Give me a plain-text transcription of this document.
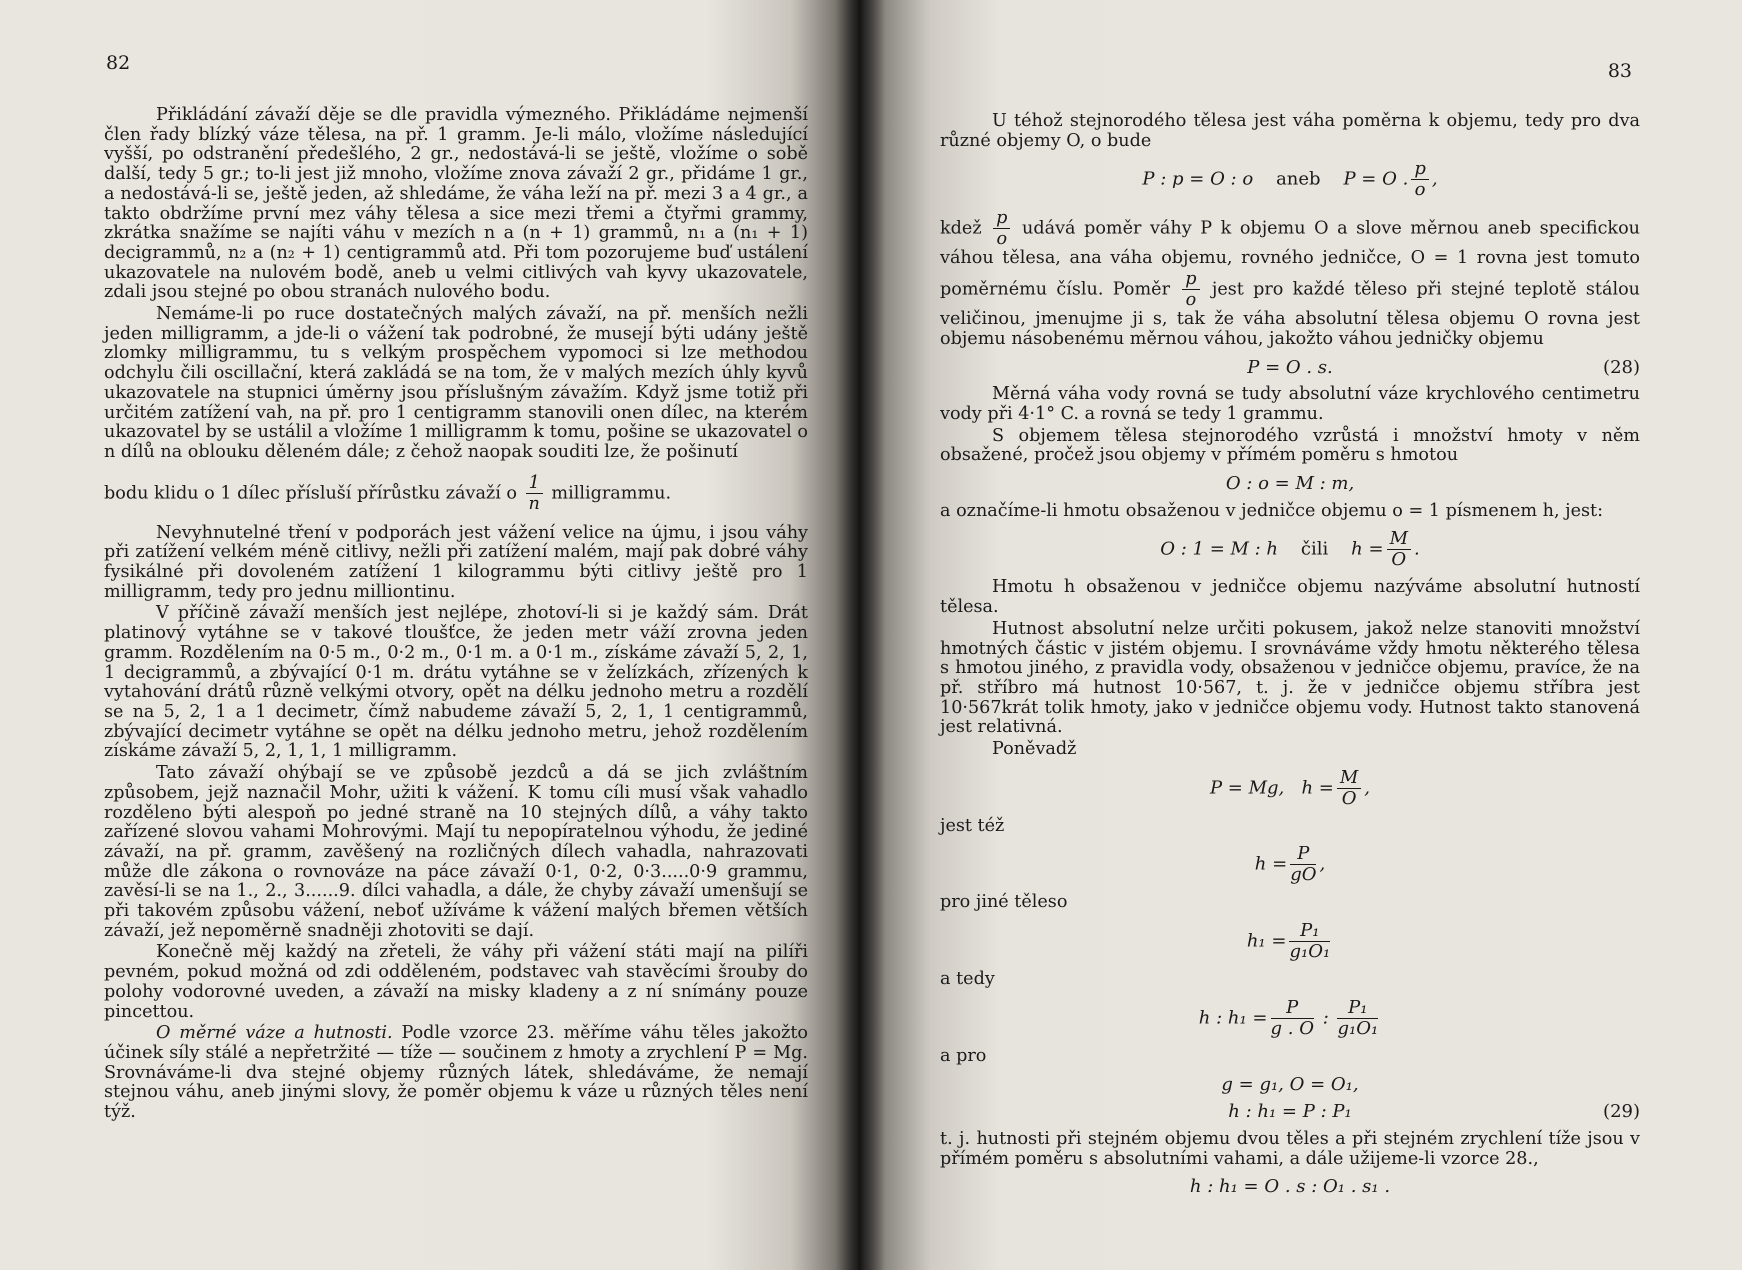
82

Přikládání závaží děje se dle pravidla výmezného. Přikládáme nejmenší člen řady blízký váze tělesa, na př. 1 gramm. Je-li málo, vložíme následující vyšší, po odstranění předešlého, 2 gr., nedostává-li se ještě, vložíme o sobě další, tedy 5 gr.; to-li jest již mnoho, vložíme znova závaží 2 gr., přidáme 1 gr., a nedostává-li se, ještě jeden, až shledáme, že váha leží na př. mezi 3 a 4 gr., a takto obdržíme první mez váhy tělesa a sice mezi třemi a čtyřmi grammy, zkrátka snažíme se najíti váhu v mezích n a (n + 1) grammů, n₁ a (n₁ + 1) decigrammů, n₂ a (n₂ + 1) centigrammů atd. Při tom pozorujeme buď ustálení ukazovatele na nulovém bodě, aneb u velmi citlivých vah kyvy ukazovatele, zdali jsou stejné po obou stranách nulového bodu.

Nemáme-li po ruce dostatečných malých závaží, na př. menších nežli jeden milligramm, a jde-li o vážení tak podrobné, že musejí býti udány ještě zlomky milligrammu, tu s velkým prospěchem vypomoci si lze methodou odchylu čili oscillační, která zakládá se na tom, že v malých mezích úhly kyvů ukazovatele na stupnici úměrny jsou příslušným závažím. Když jsme totiž při určitém zatížení vah, na př. pro 1 centigramm stanovili onen dílec, na kterém ukazovatel by se ustálil a vložíme 1 milligramm k tomu, pošine se ukazovatel o n dílů na oblouku děleném dále; z čehož naopak souditi lze, že pošinutí

bodu klidu o 1 dílec přísluší přírůstku závaží o $\frac{1}{n}$ milligrammu.

Nevyhnutelné tření v podporách jest vážení velice na újmu, i jsou váhy při zatížení velkém méně citlivy, nežli při zatížení malém, mají pak dobré váhy fysikálné při dovoleném zatížení 1 kilogrammu býti citlivy ještě pro 1 milligramm, tedy pro jednu milliontinu.

V příčině závaží menších jest nejlépe, zhotoví-li si je každý sám. Drát platinový vytáhne se v takové tloušťce, že jeden metr váží zrovna jeden gramm. Rozdělením na 0·5 m., 0·2 m., 0·1 m. a 0·1 m., získáme závaží 5, 2, 1, 1 decigrammů, a zbývající 0·1 m. drátu vytáhne se v želízkách, zřízených k vytahování drátů různě velkými otvory, opět na délku jednoho metru a rozdělí se na 5, 2, 1 a 1 decimetr, čímž nabudeme závaží 5, 2, 1, 1 centigrammů, zbývající decimetr vytáhne se opět na délku jednoho metru, jehož rozdělením získáme závaží 5, 2, 1, 1, 1 milligramm.

Tato závaží ohýbají se ve způsobě jezdců a dá se jich zvláštním způsobem, jejž naznačil Mohr, užiti k vážení. K tomu cíli musí však vahadlo rozděleno býti alespoň po jedné straně na 10 stejných dílů, a váhy takto zařízené slovou vahami Mohrovými. Mají tu nepopíratelnou výhodu, že jediné závaží, na př. gramm, zavěšený na rozličných dílech vahadla, nahrazovati může dle zákona o rovnováze na páce závaží 0·1, 0·2, 0·3.....0·9 grammu, zavěsí-li se na 1., 2., 3......9. dílci vahadla, a dále, že chyby závaží umenšují se při takovém způsobu vážení, neboť užíváme k vážení malých břemen větších závaží, jež nepoměrně snadněji zhotoviti se dají.

Konečně měj každý na zřeteli, že váhy při vážení státi mají na pilíři pevném, pokud možná od zdi odděleném, podstavec vah stavěcími šrouby do polohy vodorovné uveden, a závaží na misky kladeny a z ní snímány pouze pincettou.

O měrné váze a hutnosti. Podle vzorce 23. měříme váhu těles jakožto účinek síly stálé a nepřetržité — tíže — součinem z hmoty a zrychlení P = Mg. Srovnáváme-li dva stejné objemy různých látek, shledáváme, že nemají stejnou váhu, aneb jinými slovy, že poměr objemu k váze u různých těles není týž.

83

U téhož stejnorodého tělesa jest váha poměrna k objemu, tedy pro dva různé objemy O, o bude

P : p = O : o aneb P = O . $\frac{p}{o}$ ,

kdež $\frac{p}{o}$ udává poměr váhy P k objemu O a slove měrnou aneb specifickou váhou tělesa, ana váha objemu, rovného jedničce, O = 1 rovna jest tomuto poměrnému číslu. Poměr $\frac{p}{o}$ jest pro každé těleso při stejné teplotě stálou veličinou, jmenujme ji s, tak že váha absolutní tělesa objemu O rovna jest objemu násobenému měrnou váhou, jakožto váhou jedničky objemu

P = O . s.	(28)

Měrná váha vody rovná se tudy absolutní váze krychlového centimetru vody při 4·1° C. a rovná se tedy 1 grammu.

S objemem tělesa stejnorodého vzrůstá i množství hmoty v něm obsažené, pročež jsou objemy v přímém poměru s hmotou

O : o = M : m,

a označíme-li hmotu obsaženou v jedničce objemu o = 1 písmenem h, jest:

O : 1 = M : h čili $h = \frac{M}{O}$ .

Hmotu h obsaženou v jedničce objemu nazýváme absolutní hutností tělesa.

Hutnost absolutní nelze určiti pokusem, jakož nelze stanoviti množství hmotných částic v jistém objemu. I srovnáváme vždy hmotu některého tělesa s hmotou jiného, z pravidla vody, obsaženou v jedničce objemu, pravíce, že na př. stříbro má hutnost 10·567, t. j. že v jedničce objemu stříbra jest 10·567krát tolik hmoty, jako v jedničce objemu vody. Hutnost takto stanovená jest relativná.

Poněvadž

P = Mg, $h = \frac{M}{O}$ ,

jest též

$h = \frac{P}{gO}$ ,

pro jiné těleso

$h_1 = \frac{\text{P₁}}{\text{g₁O₁}}$

a tedy

h : $h_1 = \frac{P}{g . O}$ : $\frac{\text{P₁}}{\text{g₁O₁}}$

a pro

g = g₁, O = O₁,
h : h₁ = P : P₁	(29)

t. j. hutnosti při stejném objemu dvou těles a při stejném zrychlení tíže jsou v přímém poměru s absolutními vahami, a dále užijeme-li vzorce 28.,

h : h₁ = O . s : O₁ . s₁ .
